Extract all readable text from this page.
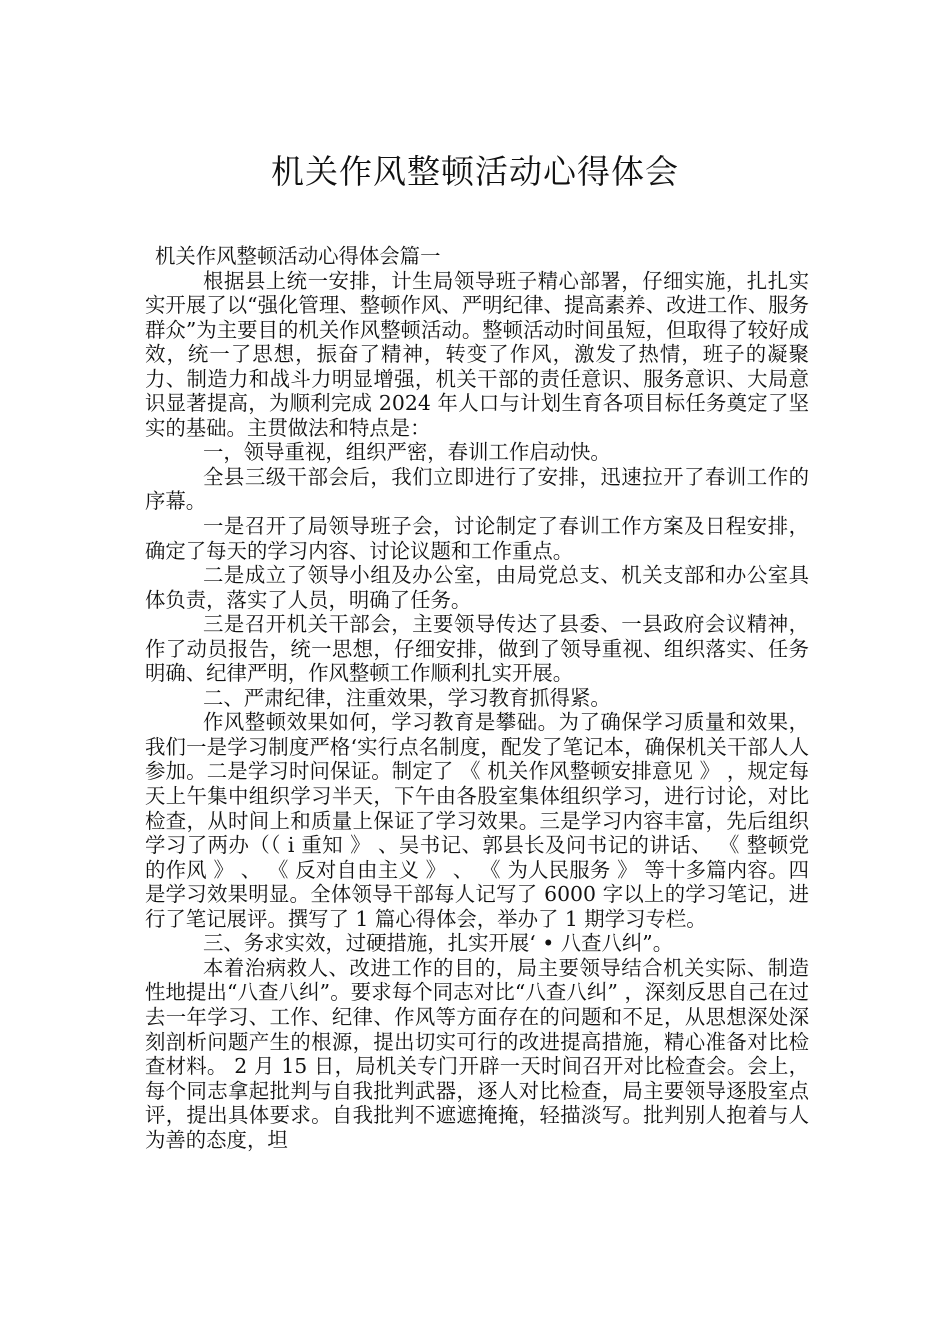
机关作风整顿活动心得体会

机关作风整顿活动心得体会篇一

根据县上统一安排，计生局领导班子精心部署，仔细实施，扎扎实实开展了以“强化管理、整顿作风、严明纪律、提高素养、改进工作、服务群众”为主要目的机关作风整顿活动。整顿活动时间虽短，但取得了较好成效，统一了思想，振奋了精神，转变了作风，激发了热情，班子的凝聚力、制造力和战斗力明显增强，机关干部的责任意识、服务意识、大局意识显著提高，为顺利完成 2024 年人口与计划生育各项目标任务奠定了坚实的基础。主贯做法和特点是：

一，领导重视，组织严密，春训工作启动快。

全县三级干部会后，我们立即进行了安排，迅速拉开了春训工作的序幕。

一是召开了局领导班子会，讨论制定了春训工作方案及日程安排，确定了每天的学习内容、讨论议题和工作重点。

二是成立了领导小组及办公室，由局党总支、机关支部和办公室具体负责，落实了人员，明确了任务。

三是召开机关干部会，主要领导传达了县委、一县政府会议精神，作了动员报告，统一思想，仔细安排，做到了领导重视、组织落实、任务明确、纪律严明，作风整顿工作顺利扎实开展。

二、严肃纪律，注重效果，学习教育抓得紧。

作风整顿效果如何，学习教育是攀础。为了确保学习质量和效果，我们一是学习制度严格‘实行点名制度，配发了笔记本，确保机关干部人人参加。二是学习时问保证。制定了 《 机关作风整顿安排意见 》 ，规定每天上午集中组织学习半天，下午由各股室集体组织学习，进行讨论，对比检查，从时间上和质量上保证了学习效果。三是学习内容丰富，先后组织学习了两办（（ i 重知 》 、吴书记、郭县长及问书记的讲话、 《 整顿党的作风 》 、 《 反对自由主义 》 、 《 为人民服务 》 等十多篇内容。四是学习效果明显。全体领导干部每人记写了 6000 字以上的学习笔记，进行了笔记展评。撰写了 1 篇心得体会，举办了 1 期学习专栏。

三、务求实效，过硬措施，扎实开展‘ • 八查八纠”。

本着治病救人、改进工作的目的，局主要领导结合机关实际、制造性地提出“八查八纠”。要求每个同志对比“八查八纠” ，深刻反思自己在过去一年学习、工作、纪律、作风等方面存在的问题和不足，从思想深处深刻剖析问题产生的根源，提出切实可行的改进提高措施，精心准备对比检查材料。 2 月 15 日，局机关专门开辟一天时间召开对比检查会。会上，每个同志拿起批判与自我批判武器，逐人对比检查，局主要领导逐股室点评，提出具体要求。自我批判不遮遮掩掩，轻描淡写。批判别人抱着与人为善的态度，坦
